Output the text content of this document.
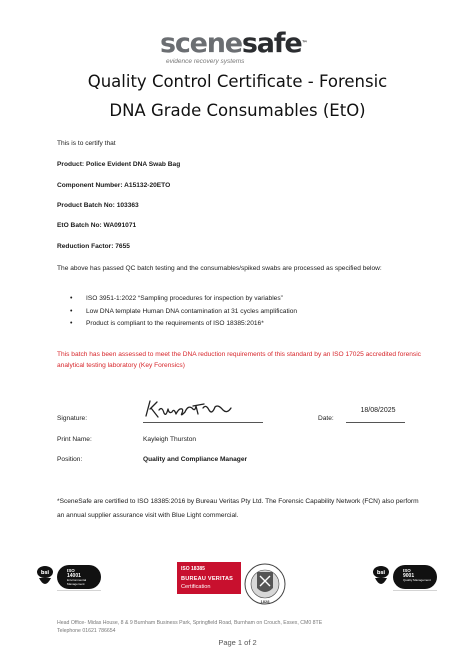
scenesafe™
evidence recovery systems
Quality Control Certificate - Forensic
DNA Grade Consumables (EtO)
This is to certify that
Product: Police Evident DNA Swab Bag
Component Number: A15132-20ETO
Product Batch No: 103363
EtO Batch No: WA091071
Reduction Factor: 7655
The above has passed QC batch testing and the consumables/spiked swabs are processed as specified below:
• ISO 3951-1:2022 “Sampling procedures for inspection by variables”
• Low DNA template Human DNA contamination at 31 cycles amplification
• Product is compliant to the requirements of ISO 18385:2016*
This batch has been assessed to meet the DNA reduction requirements of this standard by an ISO 17025 accredited forensic analytical testing laboratory (Key Forensics)
Signature:	Date:
18/08/2025
Print Name:	Kayleigh Thurston
Position:	Quality and Compliance Manager
*SceneSafe are certified to ISO 18385:2016 by Bureau Veritas Pty Ltd. The Forensic Capability Network (FCN) also perform an annual supplier assurance visit with Blue Light commercial.
bsi	ISO
14001
Environmental Management
ISO 18385
BUREAU VERITAS
Certification
1828
bsi	ISO
9001
Quality Management
Head Office- Midas House, 8 & 9 Burnham Business Park, Springfield Road, Burnham on Crouch, Essex, CM0 8TE
Telephone 01621 786654
Page 1 of 2
